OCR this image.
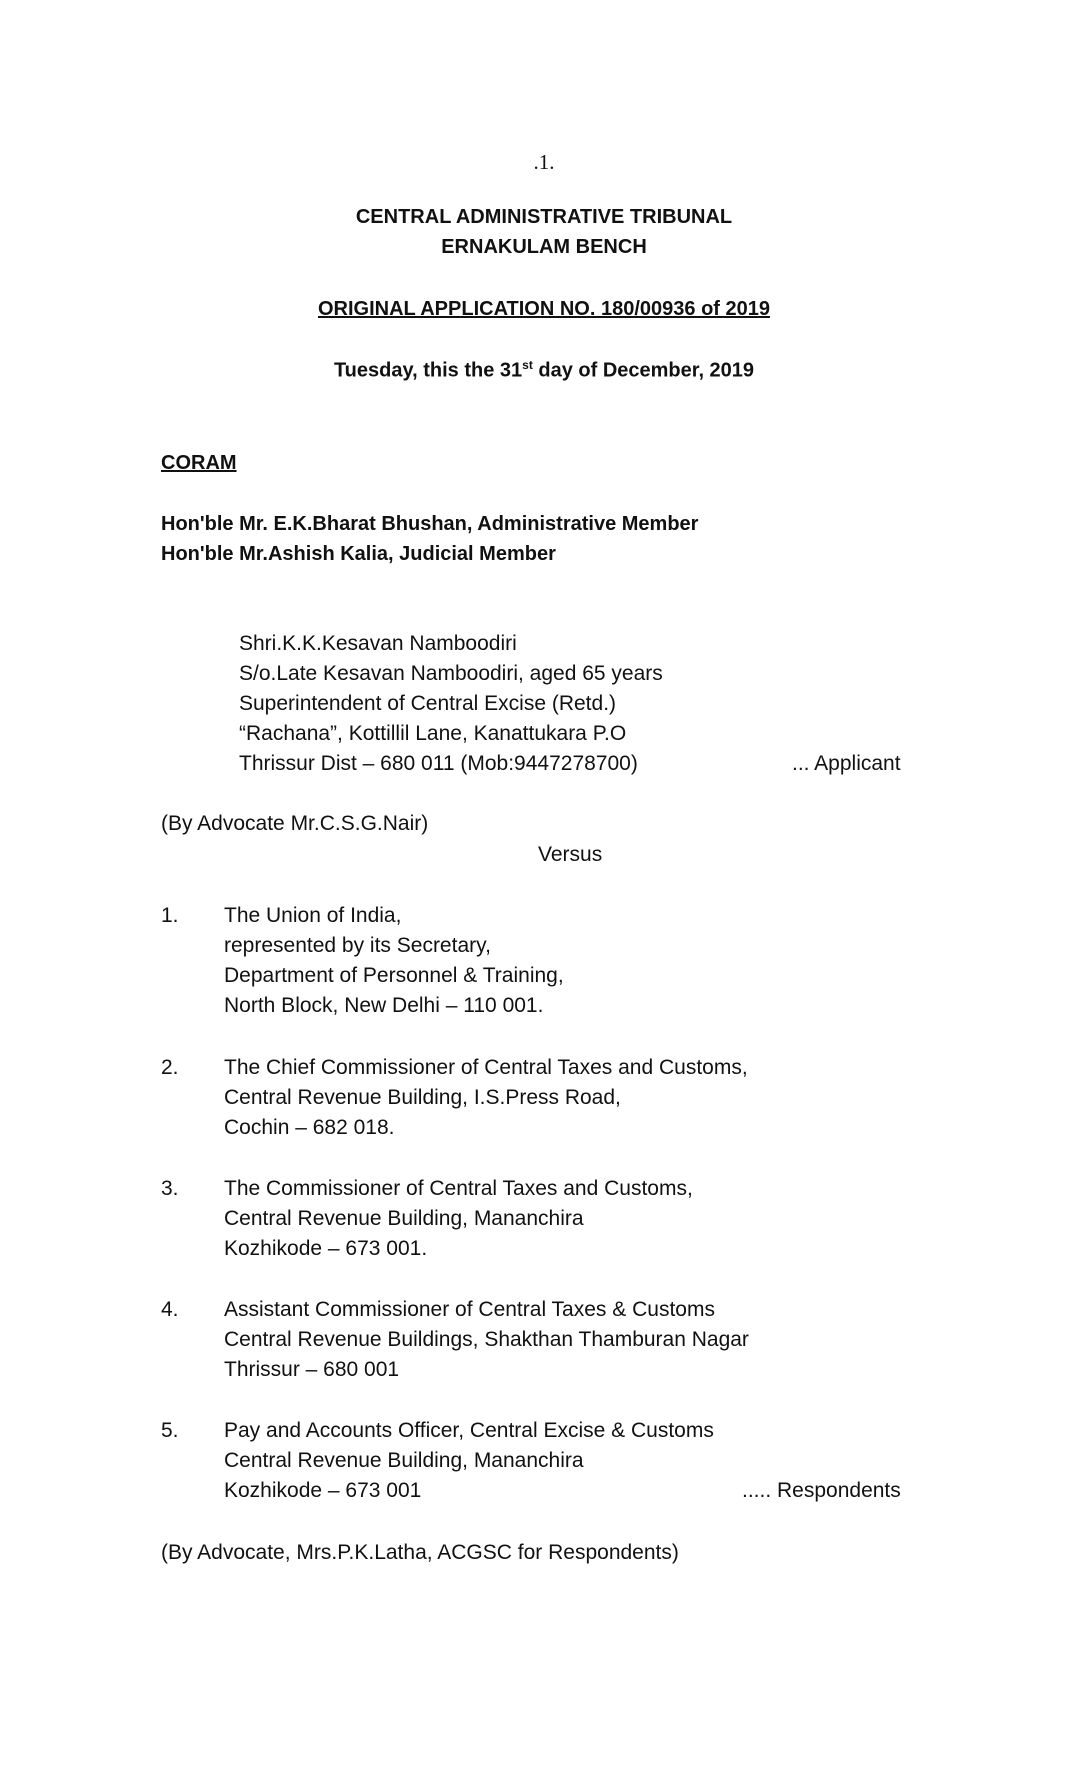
.1.
CENTRAL ADMINISTRATIVE TRIBUNAL
ERNAKULAM BENCH
ORIGINAL APPLICATION NO. 180/00936 of 2019
Tuesday, this the 31st day of December, 2019
CORAM
Hon'ble Mr. E.K.Bharat Bhushan, Administrative Member
Hon'ble Mr.Ashish Kalia, Judicial Member
Shri.K.K.Kesavan Namboodiri
S/o.Late Kesavan Namboodiri, aged 65 years
Superintendent of Central Excise (Retd.)
“Rachana”, Kottillil Lane, Kanattukara P.O
Thrissur Dist – 680 011 (Mob:9447278700)	... Applicant
(By Advocate Mr.C.S.G.Nair)
Versus
1. The Union of India,
represented by its Secretary,
Department of Personnel & Training,
North Block, New Delhi – 110 001.
2. The Chief Commissioner of Central Taxes and Customs,
Central Revenue Building, I.S.Press Road,
Cochin – 682 018.
3. The Commissioner of Central Taxes and Customs,
Central Revenue Building, Mananchira
Kozhikode – 673 001.
4. Assistant Commissioner of Central Taxes & Customs
Central Revenue Buildings, Shakthan Thamburan Nagar
Thrissur – 680 001
5. Pay and Accounts Officer, Central Excise & Customs
Central Revenue Building, Mananchira
Kozhikode – 673 001	..... Respondents
(By Advocate, Mrs.P.K.Latha, ACGSC for Respondents)
